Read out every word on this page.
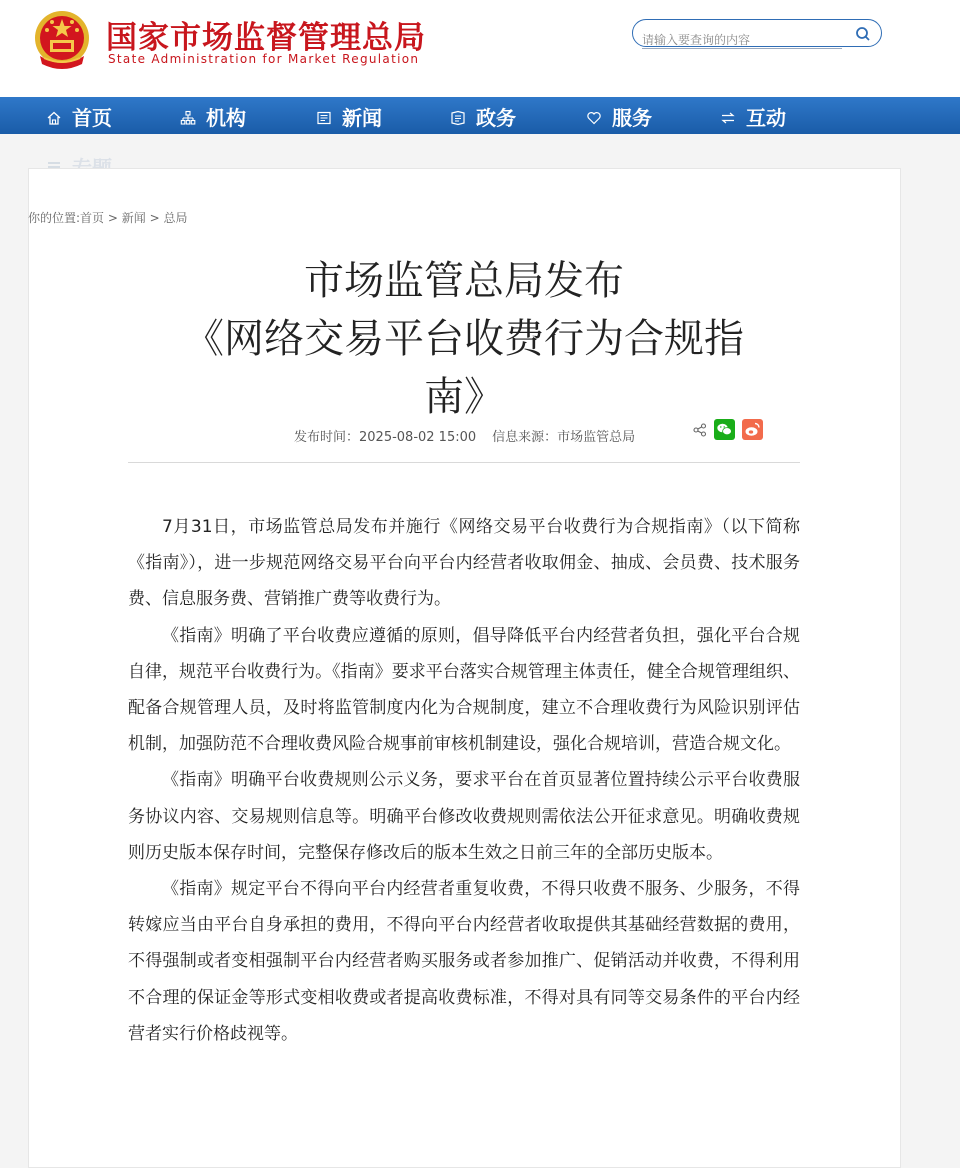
国家市场监督管理总局
State Administration for Market Regulation
请输入要查询的内容
首页	机构	新闻	政务	服务	互动
你的位置:首页 > 新闻 > 总局
市场监管总局发布
《网络交易平台收费行为合规指
南》
发布时间：2025-08-02 15:00 信息来源：市场监管总局

7月31日，市场监管总局发布并施行《网络交易平台收费行为合规指南》（以下简称《指南》），进一步规范网络交易平台向平台内经营者收取佣金、抽成、会员费、技术服务费、信息服务费、营销推广费等收费行为。

《指南》明确了平台收费应遵循的原则，倡导降低平台内经营者负担，强化平台合规自律，规范平台收费行为。《指南》要求平台落实合规管理主体责任，健全合规管理组织、配备合规管理人员，及时将监管制度内化为合规制度，建立不合理收费行为风险识别评估机制，加强防范不合理收费风险合规事前审核机制建设，强化合规培训，营造合规文化。

《指南》明确平台收费规则公示义务，要求平台在首页显著位置持续公示平台收费服务协议内容、交易规则信息等。明确平台修改收费规则需依法公开征求意见。明确收费规则历史版本保存时间，完整保存修改后的版本生效之日前三年的全部历史版本。

《指南》规定平台不得向平台内经营者重复收费，不得只收费不服务、少服务，不得转嫁应当由平台自身承担的费用，不得向平台内经营者收取提供其基础经营数据的费用，不得强制或者变相强制平台内经营者购买服务或者参加推广、促销活动并收费，不得利用不合理的保证金等形式变相收费或者提高收费标准，不得对具有同等交易条件的平台内经营者实行价格歧视等。
